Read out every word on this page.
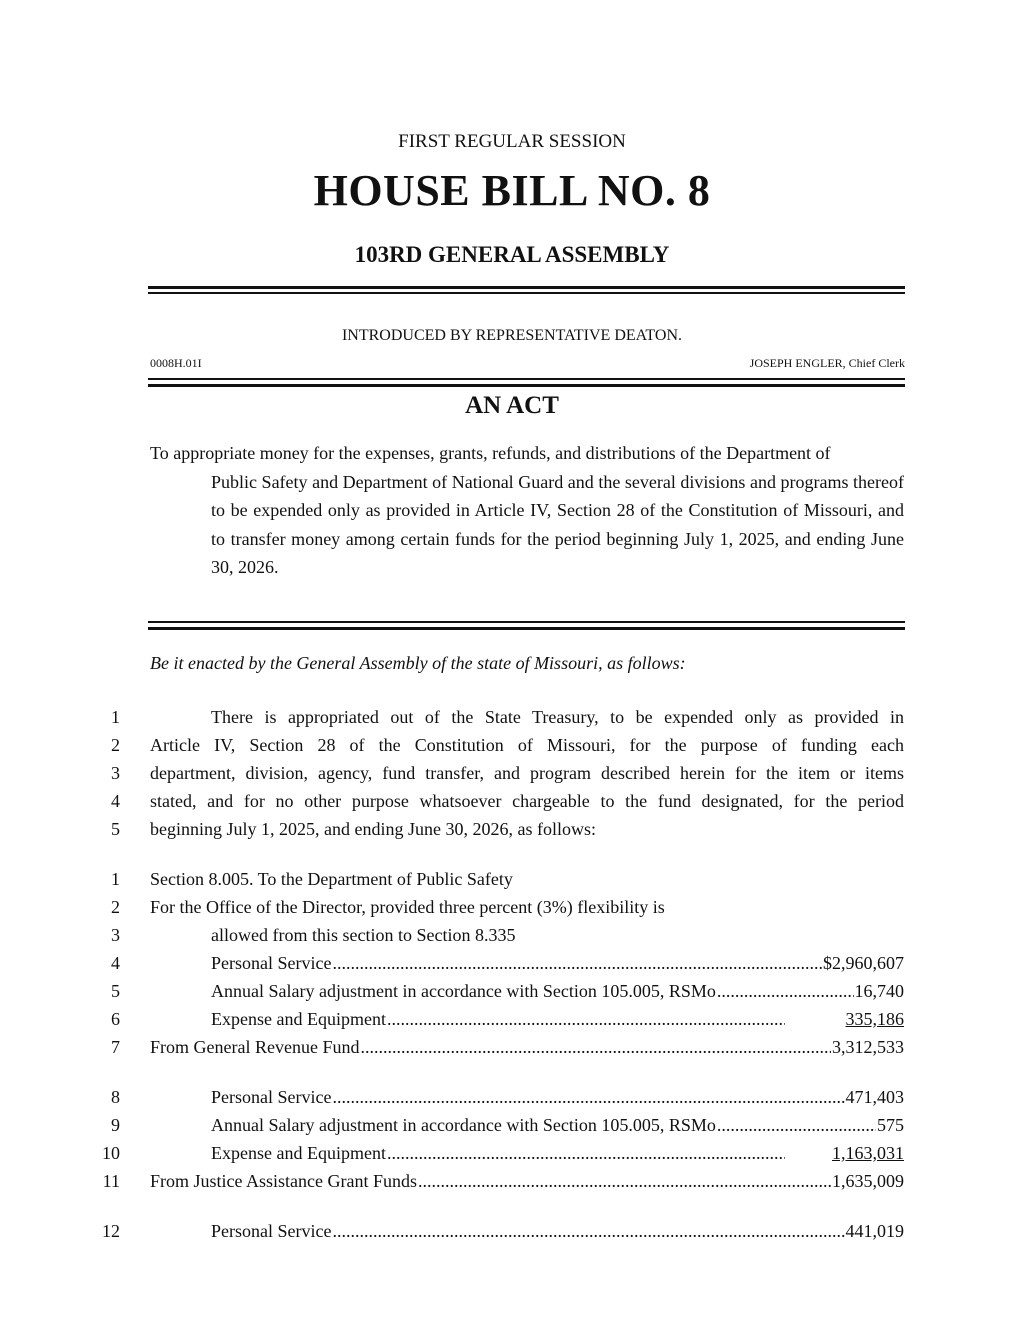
FIRST REGULAR SESSION
HOUSE BILL NO. 8
103RD GENERAL ASSEMBLY
INTRODUCED BY REPRESENTATIVE DEATON.
0008H.01I	JOSEPH ENGLER, Chief Clerk
AN ACT
To appropriate money for the expenses, grants, refunds, and distributions of the Department of
Public Safety and Department of National Guard and the several divisions and programs thereof to be expended only as provided in Article IV, Section 28 of the Constitution of Missouri, and to transfer money among certain funds for the period beginning July 1, 2025, and ending June 30, 2026.
Be it enacted by the General Assembly of the state of Missouri, as follows:
1	There is appropriated out of the State Treasury, to be expended only as provided in
2 Article IV, Section 28 of the Constitution of Missouri, for the purpose of funding each
3 department, division, agency, fund transfer, and program described herein for the item or items
4 stated, and for no other purpose whatsoever chargeable to the fund designated, for the period
5 beginning July 1, 2025, and ending June 30, 2026, as follows:
1 Section 8.005. To the Department of Public Safety
2 For the Office of the Director, provided three percent (3%) flexibility is
3	allowed from this section to Section 8.335
4	Personal Service .....	$2,960,607
5	Annual Salary adjustment in accordance with Section 105.005, RSMo .....	16,740
6	Expense and Equipment .....	335,186
7 From General Revenue Fund .....	3,312,533
8	Personal Service .....	471,403
9	Annual Salary adjustment in accordance with Section 105.005, RSMo .....	575
10	Expense and Equipment .....	1,163,031
11 From Justice Assistance Grant Funds .....	1,635,009
12	Personal Service .....	441,019
